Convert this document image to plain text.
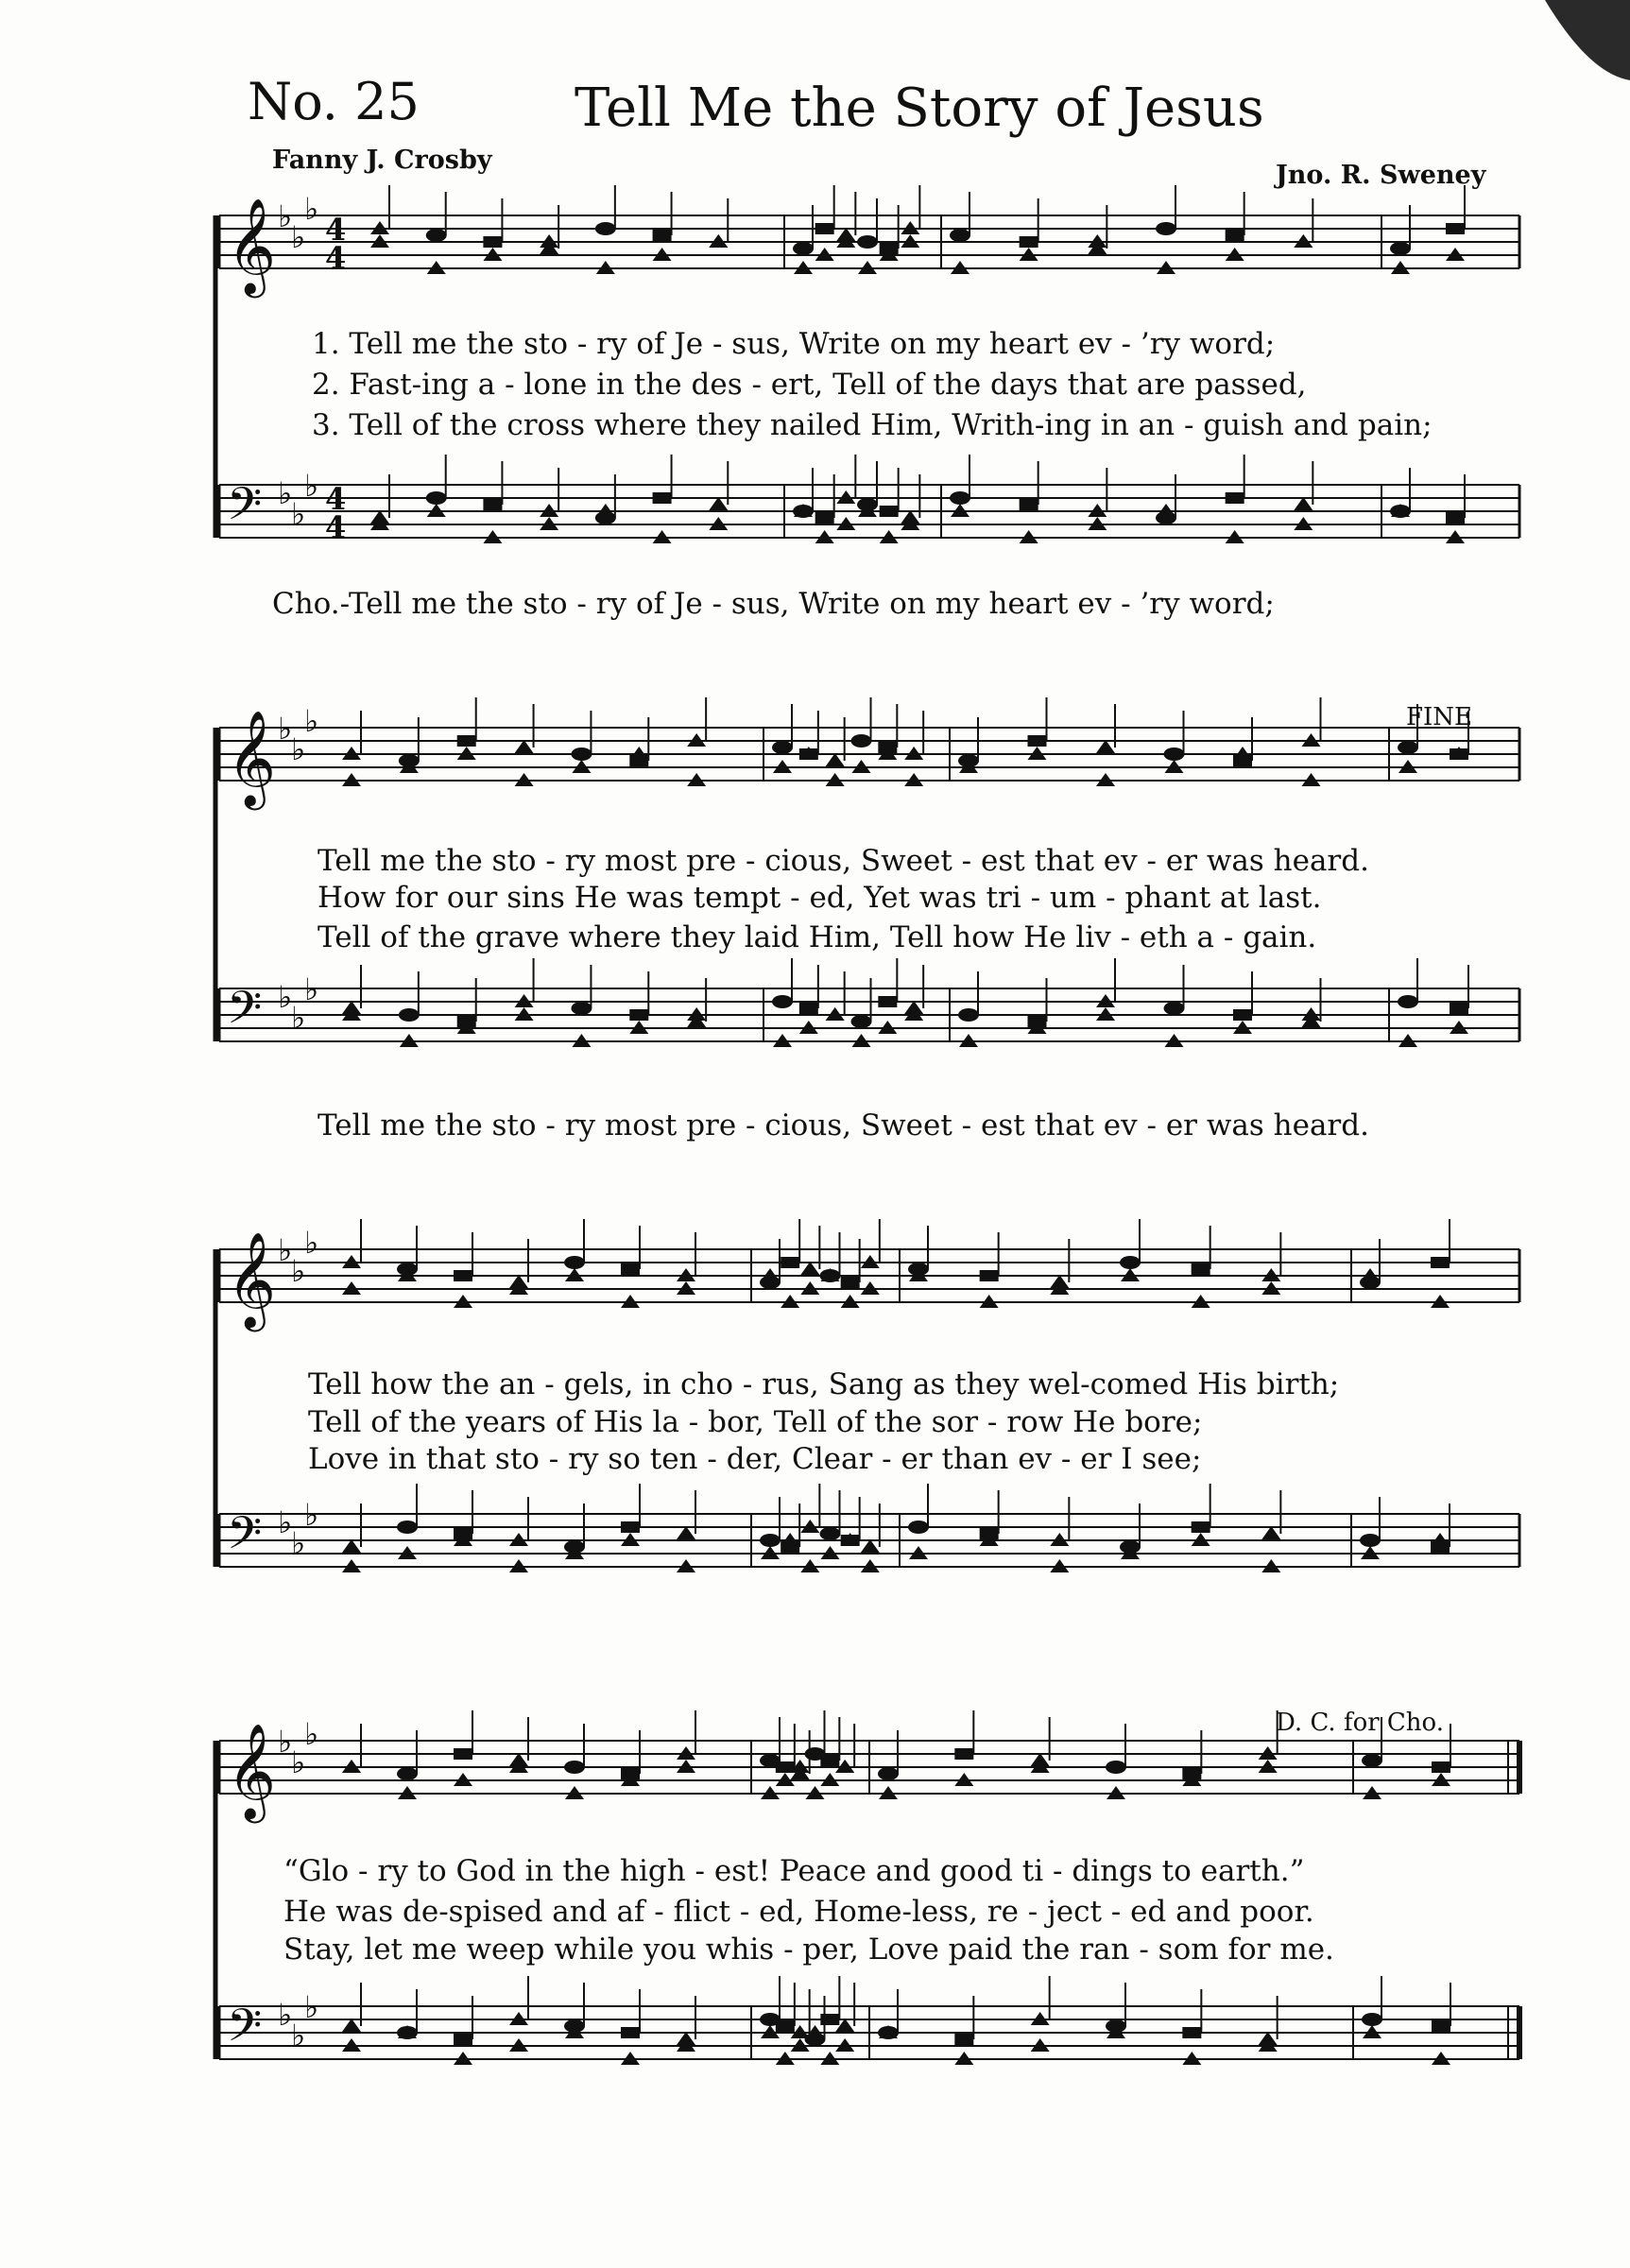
No. 25	Tell Me the Story of Jesus
Fanny J. Crosby
Jno. R. Sweney
𝄞 ♭
♭
♭
𝄢 ♭
♭
♭
𝄞 ♭
♭
♭
𝄢 ♭
♭
♭
𝄞 ♭
♭
♭
𝄢 ♭
♭
♭
𝄞 ♭
♭
♭
𝄢 ♭
♭
♭
4
4
4
4
1. Tell me the sto - ry of Je - sus, Write on my heart ev - ’ry word;
2. Fast-ing a - lone in the des - ert, Tell of the days that are passed,
3. Tell of the cross where they nailed Him, Writh-ing in an - guish and pain;
Cho.-Tell me the sto - ry of Je - sus, Write on my heart ev - ’ry word;
FINE
Tell me the sto - ry most pre - cious, Sweet - est that ev - er was heard.
How for our sins He was tempt - ed, Yet was tri - um - phant at last.
Tell of the grave where they laid Him, Tell how He liv - eth a - gain.
Tell me the sto - ry most pre - cious, Sweet - est that ev - er was heard.
Tell how the an - gels, in cho - rus, Sang as they wel-comed His birth;
Tell of the years of His la - bor, Tell of the sor - row He bore;
Love in that sto - ry so ten - der, Clear - er than ev - er I see;
D. C. for Cho.
“Glo - ry to God in the high - est! Peace and good ti - dings to earth.”
He was de-spised and af - flict - ed, Home-less, re - ject - ed and poor.
Stay, let me weep while you whis - per, Love paid the ran - som for me.
